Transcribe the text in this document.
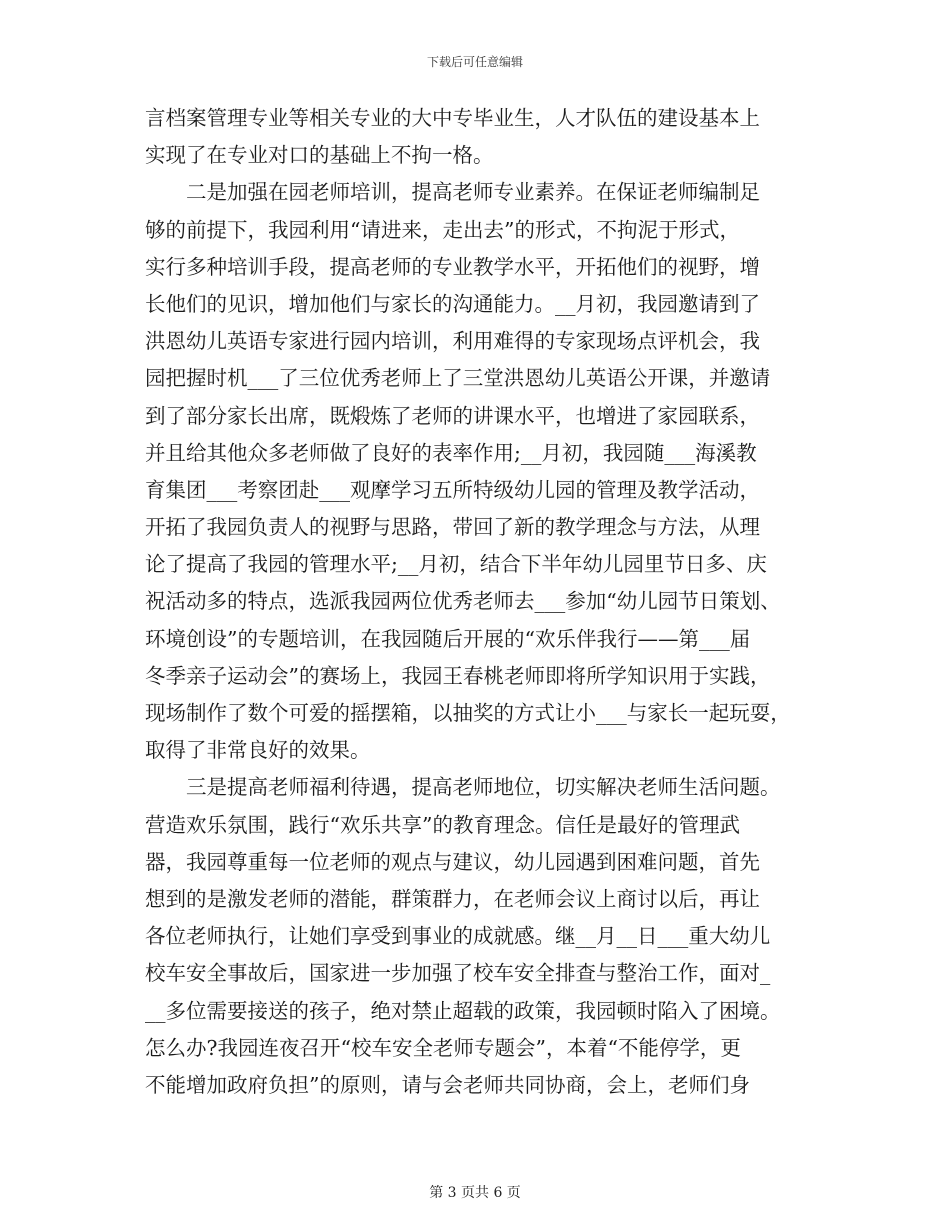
下载后可任意编辑
言档案管理专业等相关专业的大中专毕业生，人才队伍的建设基本上
实现了在专业对口的基础上不拘一格。
　　二是加强在园老师培训，提高老师专业素养。在保证老师编制足
够的前提下，我园利用“请进来，走出去”的形式，不拘泥于形式，
实行多种培训手段，提高老师的专业教学水平，开拓他们的视野，增
长他们的见识，增加他们与家长的沟通能力。__月初，我园邀请到了
洪恩幼儿英语专家进行园内培训，利用难得的专家现场点评机会，我
园把握时机___了三位优秀老师上了三堂洪恩幼儿英语公开课，并邀请
到了部分家长出席，既煅炼了老师的讲课水平，也增进了家园联系，
并且给其他众多老师做了良好的表率作用;__月初，我园随___海溪教
育集团___考察团赴___观摩学习五所特级幼儿园的管理及教学活动，
开拓了我园负责人的视野与思路，带回了新的教学理念与方法，从理
论了提高了我园的管理水平;__月初，结合下半年幼儿园里节日多、庆
祝活动多的特点，选派我园两位优秀老师去___参加“幼儿园节日策划、
环境创设”的专题培训，在我园随后开展的“欢乐伴我行——第___届
冬季亲子运动会”的赛场上，我园王春桃老师即将所学知识用于实践，
现场制作了数个可爱的摇摆箱，以抽奖的方式让小___与家长一起玩耍，
取得了非常良好的效果。
　　三是提高老师福利待遇，提高老师地位，切实解决老师生活问题。
营造欢乐氛围，践行“欢乐共享”的教育理念。信任是最好的管理武
器，我园尊重每一位老师的观点与建议，幼儿园遇到困难问题，首先
想到的是激发老师的潜能，群策群力，在老师会议上商讨以后，再让
各位老师执行，让她们享受到事业的成就感。继__月__日___重大幼儿
校车安全事故后，国家进一步加强了校车安全排查与整治工作，面对_
__多位需要接送的孩子，绝对禁止超载的政策，我园顿时陷入了困境。
怎么办?我园连夜召开“校车安全老师专题会”，本着“不能停学，更
不能增加政府负担”的原则，请与会老师共同协商，会上，老师们身
第 3 页共 6 页
